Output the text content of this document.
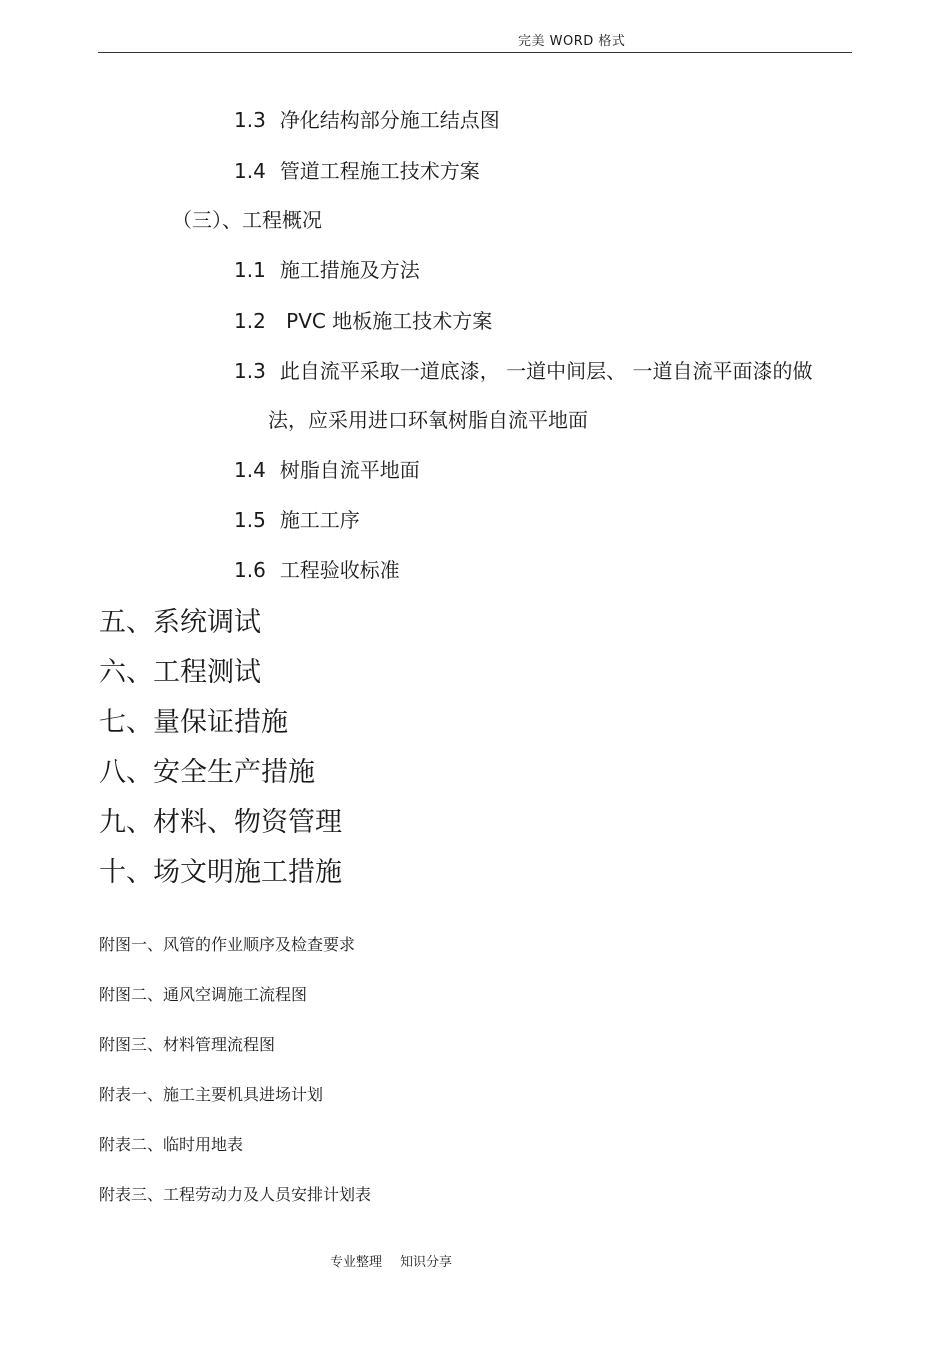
完美 WORD 格式
1.3 净化结构部分施工结点图
1.4 管道工程施工技术方案
（三）、工程概况
1.1 施工措施及方法
1.2 PVC 地板施工技术方案
1.3 此自流平采取一道底漆， 一道中间层、 一道自流平面漆的做
法，应采用进口环氧树脂自流平地面
1.4 树脂自流平地面
1.5 施工工序
1.6 工程验收标准
五、系统调试
六、工程测试
七、量保证措施
八、安全生产措施
九、材料、物资管理
十、场文明施工措施
附图一、风管的作业顺序及检查要求
附图二、通风空调施工流程图
附图三、材料管理流程图
附表一、施工主要机具进场计划
附表二、临时用地表
附表三、工程劳动力及人员安排计划表
专业整理 知识分享
